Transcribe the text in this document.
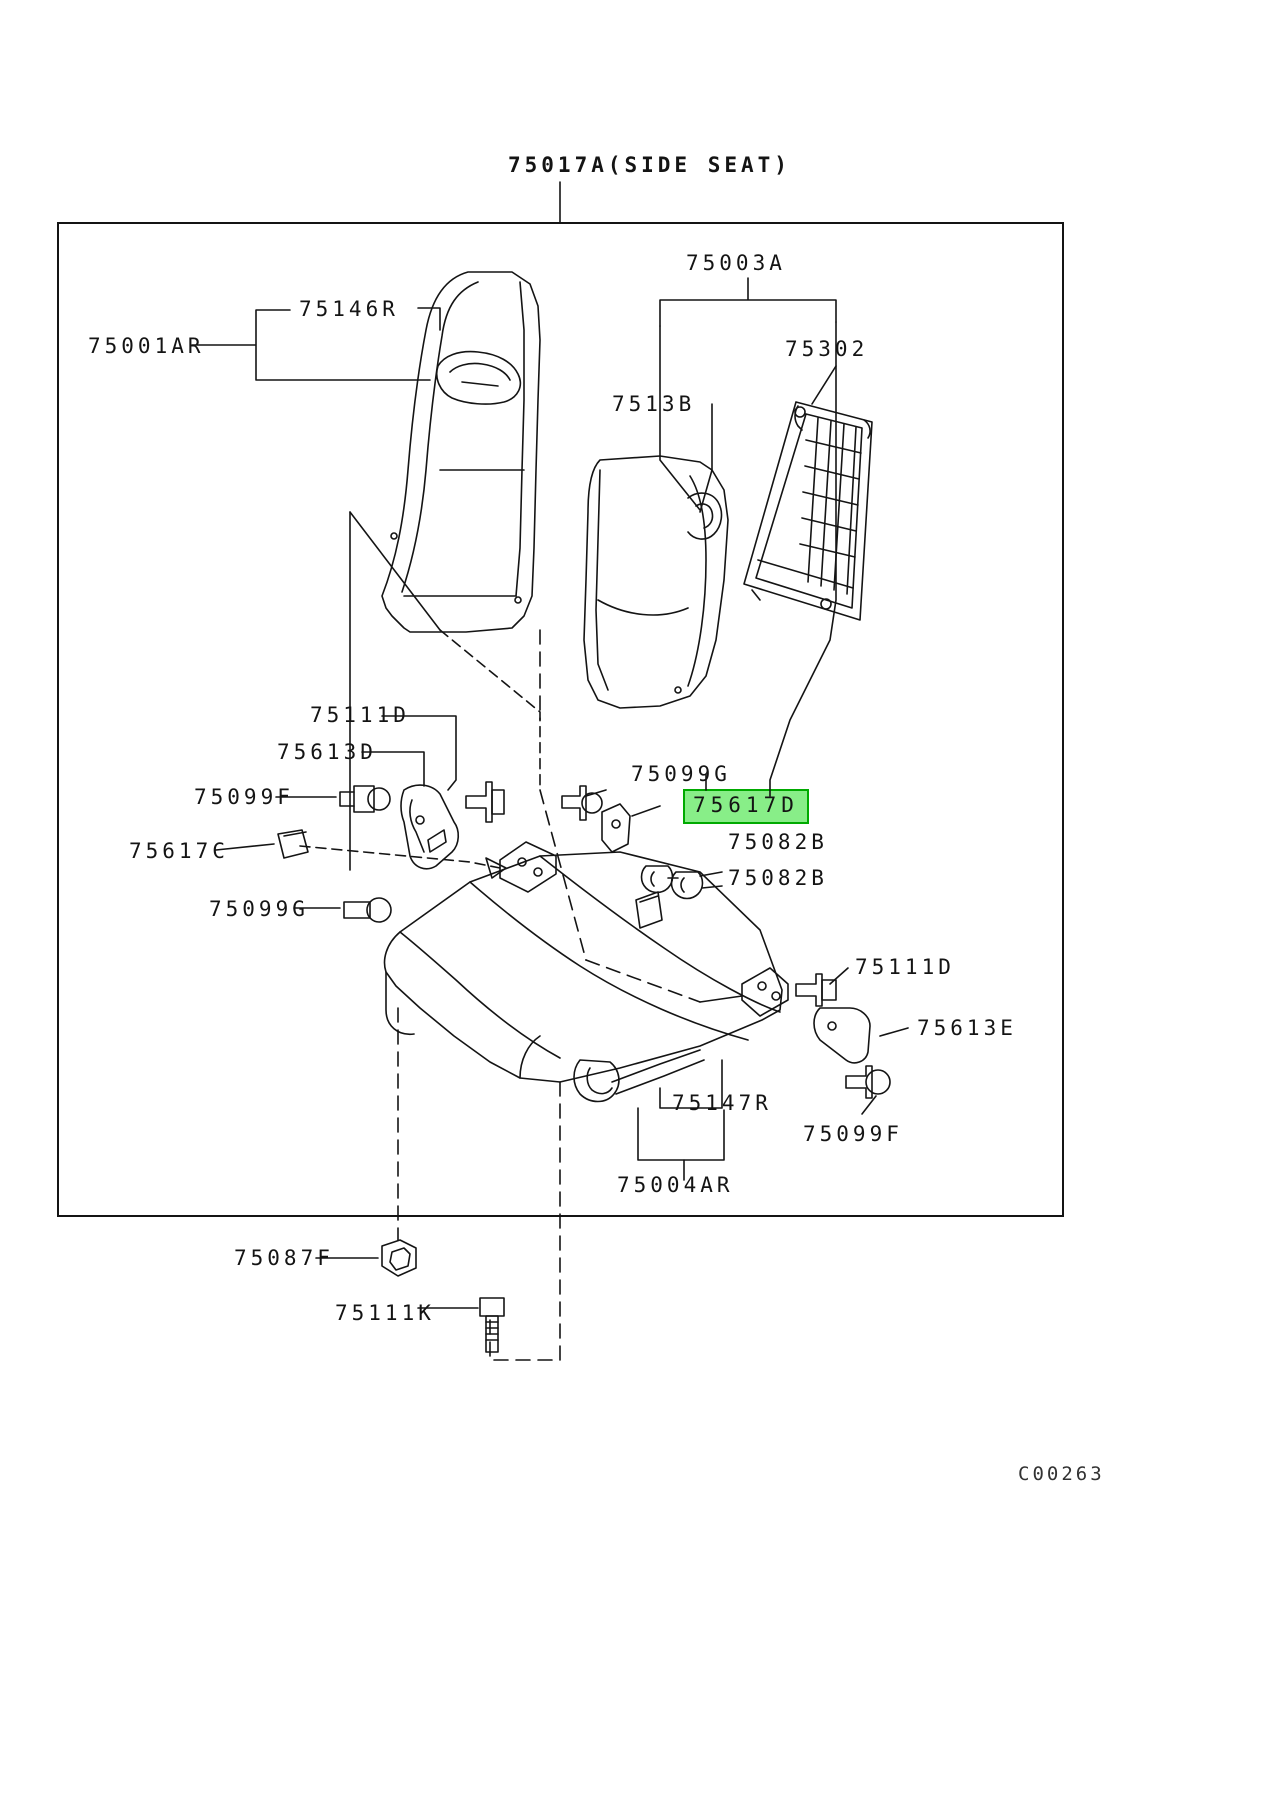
75017A(SIDE SEAT)
75003A
75302
75146R
75001AR
7513B
75111D
75613D
75099F
75617C
75099G
75099G
75617D
75082B
75082B
75111D
75613E
75099F
75147R
75004AR
75087F
75111K
C00263
